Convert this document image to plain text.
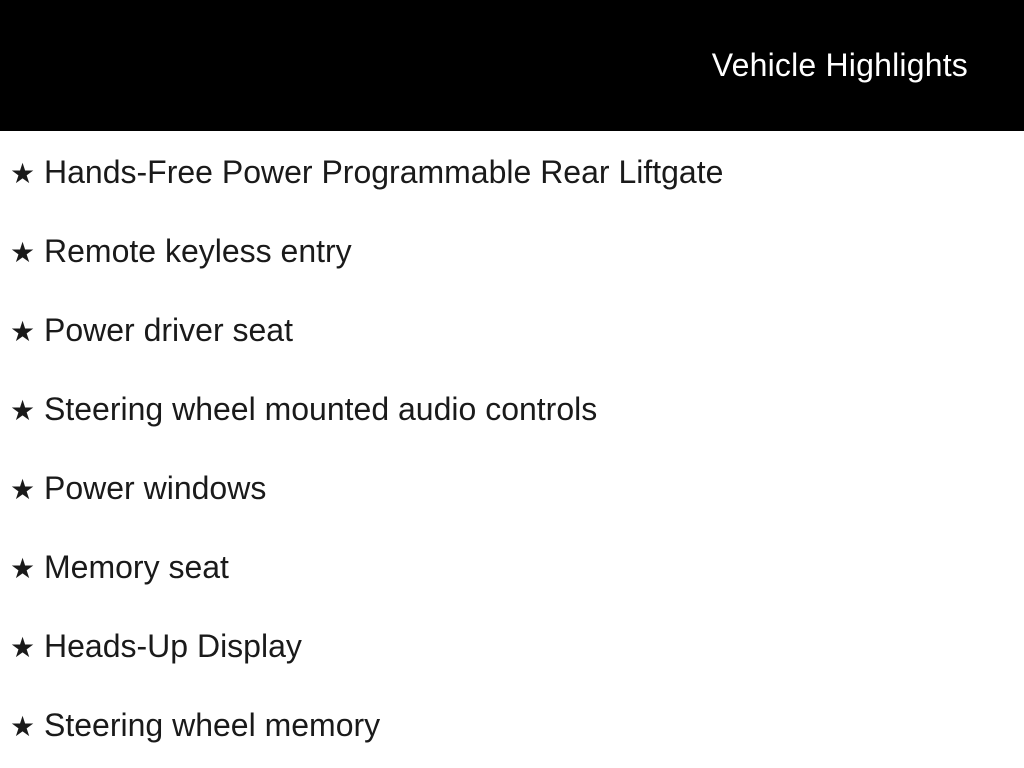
Vehicle Highlights
★ Hands-Free Power Programmable Rear Liftgate
★ Remote keyless entry
★ Power driver seat
★ Steering wheel mounted audio controls
★ Power windows
★ Memory seat
★ Heads-Up Display
★ Steering wheel memory
